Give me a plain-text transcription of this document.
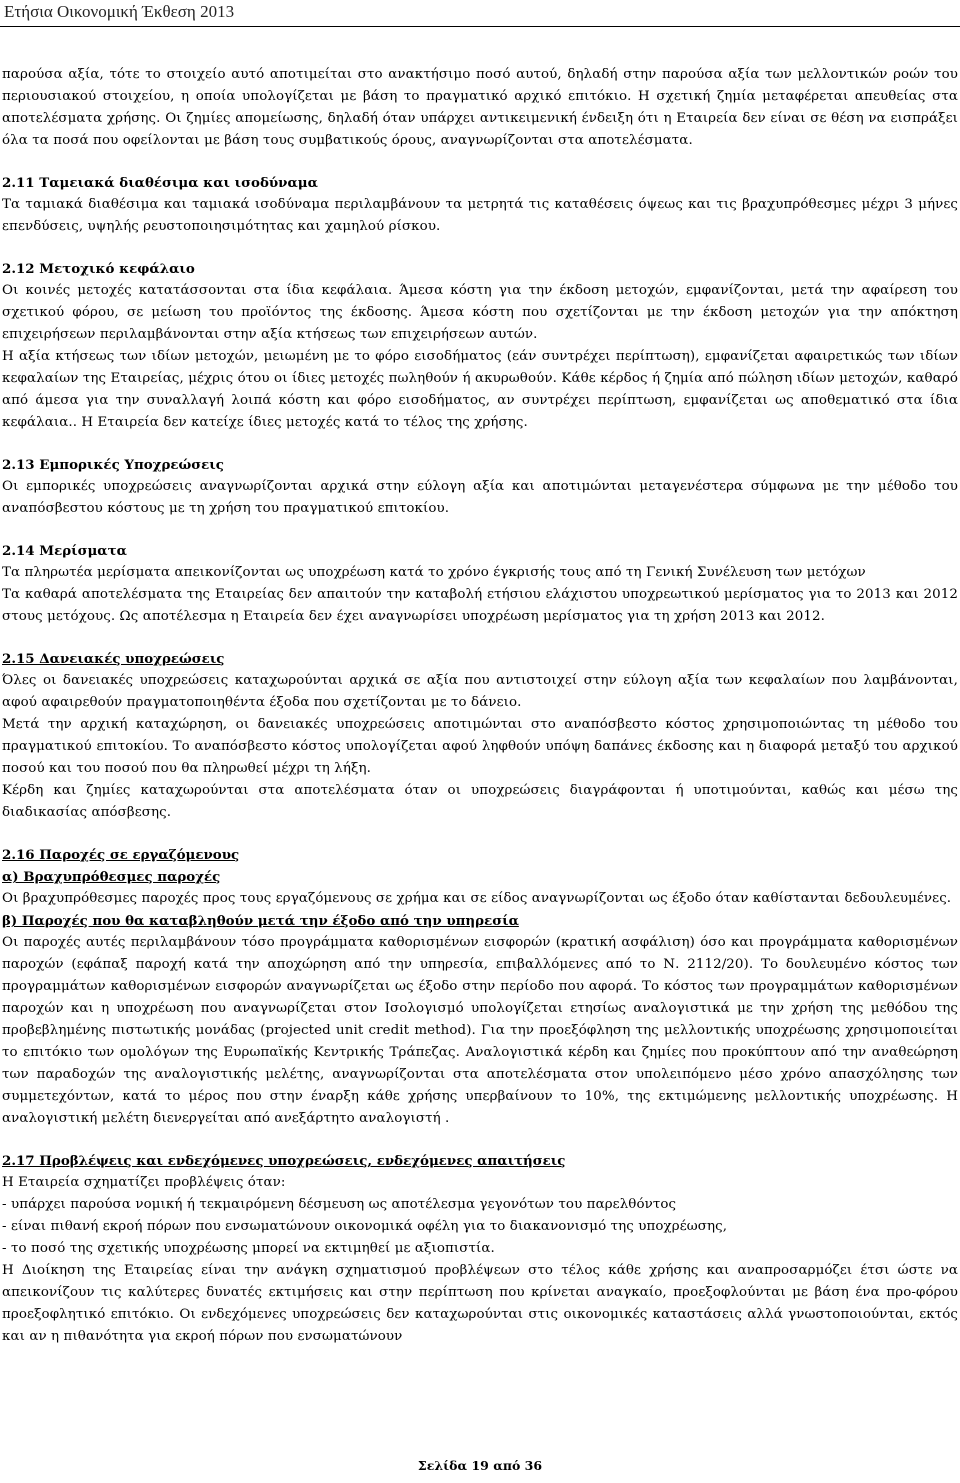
Ετήσια Οικονομική Έκθεση 2013

παρούσα αξία, τότε το στοιχείο αυτό αποτιμείται στο ανακτήσιμο ποσό αυτού, δηλαδή στην παρούσα αξία των μελλοντικών ροών του περιουσιακού στοιχείου, η οποία υπολογίζεται με βάση το πραγματικό αρχικό επιτόκιο. Η σχετική ζημία μεταφέρεται απευθείας στα αποτελέσματα χρήσης. Οι ζημίες απομείωσης, δηλαδή όταν υπάρχει αντικειμενική ένδειξη ότι η Εταιρεία δεν είναι σε θέση να εισπράξει όλα τα ποσά που οφείλονται με βάση τους συμβατικούς όρους, αναγνωρίζονται στα αποτελέσματα.

2.11 Ταμειακά διαθέσιμα και ισοδύναμα

Τα ταμιακά διαθέσιμα και ταμιακά ισοδύναμα περιλαμβάνουν τα μετρητά τις καταθέσεις όψεως και τις βραχυπρόθεσμες μέχρι 3 μήνες επενδύσεις, υψηλής ρευστοποιησιμότητας και χαμηλού ρίσκου.

2.12 Μετοχικό κεφάλαιο

Οι κοινές μετοχές κατατάσσονται στα ίδια κεφάλαια. Άμεσα κόστη για την έκδοση μετοχών, εμφανίζονται, μετά την αφαίρεση του σχετικού φόρου, σε μείωση του προϊόντος της έκδοσης. Άμεσα κόστη που σχετίζονται με την έκδοση μετοχών για την απόκτηση επιχειρήσεων περιλαμβάνονται στην αξία κτήσεως των επιχειρήσεων αυτών.

Η αξία κτήσεως των ιδίων μετοχών, μειωμένη με το φόρο εισοδήματος (εάν συντρέχει περίπτωση), εμφανίζεται αφαιρετικώς των ιδίων κεφαλαίων της Εταιρείας, μέχρις ότου οι ίδιες μετοχές πωληθούν ή ακυρωθούν. Κάθε κέρδος ή ζημία από πώληση ιδίων μετοχών, καθαρό από άμεσα για την συναλλαγή λοιπά κόστη και φόρο εισοδήματος, αν συντρέχει περίπτωση, εμφανίζεται ως αποθεματικό στα ίδια κεφάλαια.. Η Εταιρεία δεν κατείχε ίδιες μετοχές κατά το τέλος της χρήσης.

2.13 Εμπορικές Υποχρεώσεις

Οι εμπορικές υποχρεώσεις αναγνωρίζονται αρχικά στην εύλογη αξία και αποτιμώνται μεταγενέστερα σύμφωνα με την μέθοδο του αναπόσβεστου κόστους με τη χρήση του πραγματικού επιτοκίου.

2.14 Μερίσματα

Τα πληρωτέα μερίσματα απεικονίζονται ως υποχρέωση κατά το χρόνο έγκρισής τους από τη Γενική Συνέλευση των μετόχων

Τα καθαρά αποτελέσματα της Εταιρείας δεν απαιτούν την καταβολή ετήσιου ελάχιστου υποχρεωτικού μερίσματος για το 2013 και 2012 στους μετόχους. Ως αποτέλεσμα η Εταιρεία δεν έχει αναγνωρίσει υποχρέωση μερίσματος για τη χρήση 2013 και 2012.

2.15 Δανειακές υποχρεώσεις

Όλες οι δανειακές υποχρεώσεις καταχωρούνται αρχικά σε αξία που αντιστοιχεί στην εύλογη αξία των κεφαλαίων που λαμβάνονται, αφού αφαιρεθούν πραγματοποιηθέντα έξοδα που σχετίζονται με το δάνειο.

Μετά την αρχική καταχώρηση, οι δανειακές υποχρεώσεις αποτιμώνται στο αναπόσβεστο κόστος χρησιμοποιώντας τη μέθοδο του πραγματικού επιτοκίου. Το αναπόσβεστο κόστος υπολογίζεται αφού ληφθούν υπόψη δαπάνες έκδοσης και η διαφορά μεταξύ του αρχικού ποσού και του ποσού που θα πληρωθεί μέχρι τη λήξη.

Κέρδη και ζημίες καταχωρούνται στα αποτελέσματα όταν οι υποχρεώσεις διαγράφονται ή υποτιμούνται, καθώς και μέσω της διαδικασίας απόσβεσης.

2.16 Παροχές σε εργαζόμενους

α) Βραχυπρόθεσμες παροχές

Οι βραχυπρόθεσμες παροχές προς τους εργαζόμενους σε χρήμα και σε είδος αναγνωρίζονται ως έξοδο όταν καθίστανται δεδουλευμένες.

β) Παροχές που θα καταβληθούν μετά την έξοδο από την υπηρεσία

Οι παροχές αυτές περιλαμβάνουν τόσο προγράμματα καθορισμένων εισφορών (κρατική ασφάλιση) όσο και προγράμματα καθορισμένων παροχών (εφάπαξ παροχή κατά την αποχώρηση από την υπηρεσία, επιβαλλόμενες από το Ν. 2112/20). Το δουλευμένο κόστος των προγραμμάτων καθορισμένων εισφορών αναγνωρίζεται ως έξοδο στην περίοδο που αφορά. Το κόστος των προγραμμάτων καθορισμένων παροχών και η υποχρέωση που αναγνωρίζεται στον Ισολογισμό υπολογίζεται ετησίως αναλογιστικά με την χρήση της μεθόδου της προβεβλημένης πιστωτικής μονάδας (projected unit credit method). Για την προεξόφληση της μελλοντικής υποχρέωσης χρησιμοποιείται το επιτόκιο των ομολόγων της Ευρωπαϊκής Κεντρικής Τράπεζας. Αναλογιστικά κέρδη και ζημίες που προκύπτουν από την αναθεώρηση των παραδοχών της αναλογιστικής μελέτης, αναγνωρίζονται στα αποτελέσματα στον υπολειπόμενο μέσο χρόνο απασχόλησης των συμμετεχόντων, κατά το μέρος που στην έναρξη κάθε χρήσης υπερβαίνουν το 10%, της εκτιμώμενης μελλοντικής υποχρέωσης. Η αναλογιστική μελέτη διενεργείται από ανεξάρτητο αναλογιστή .

2.17 Προβλέψεις και ενδεχόμενες υποχρεώσεις, ενδεχόμενες απαιτήσεις

Η Εταιρεία σχηματίζει προβλέψεις όταν:

- υπάρχει παρούσα νομική ή τεκμαιρόμενη δέσμευση ως αποτέλεσμα γεγονότων του παρελθόντος

- είναι πιθανή εκροή πόρων που ενσωματώνουν οικονομικά οφέλη για τo διακανονισμό της υποχρέωσης,

- το ποσό της σχετικής υποχρέωσης μπορεί να εκτιμηθεί με αξιοπιστία.

Η Διοίκηση της Εταιρείας είναι την ανάγκη σχηματισμού προβλέψεων στο τέλος κάθε χρήσης και αναπροσαρμόζει έτσι ώστε να απεικονίζουν τις καλύτερες δυνατές εκτιμήσεις και στην περίπτωση που κρίνεται αναγκαίο, προεξοφλούνται με βάση ένα προ-φόρου προεξοφλητικό επιτόκιο. Οι ενδεχόμενες υποχρεώσεις δεν καταχωρούνται στις οικονομικές καταστάσεις αλλά γνωστοποιούνται, εκτός και αν η πιθανότητα για εκροή πόρων που ενσωματώνουν

Σελίδα 19 από 36
